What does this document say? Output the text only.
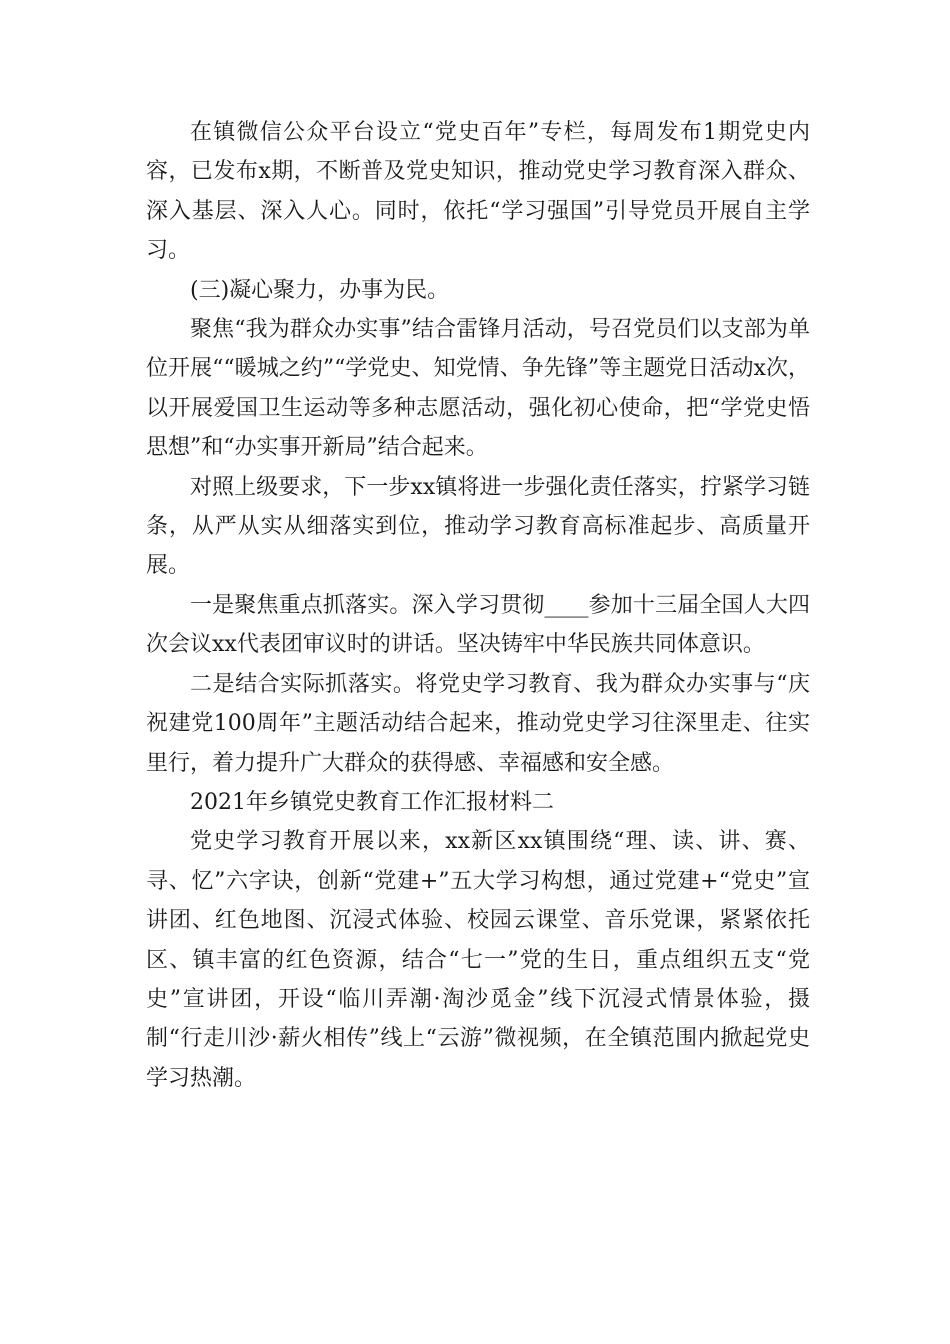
在镇微信公众平台设立“党史百年”专栏，每周发布1期党史内容，已发布x期，不断普及党史知识，推动党史学习教育深入群众、深入基层、深入人心。同时，依托“学习强国”引导党员开展自主学习。

(三)凝心聚力，办事为民。

聚焦“我为群众办实事”结合雷锋月活动，号召党员们以支部为单位开展““暖城之约”“学党史、知党情、争先锋”等主题党日活动x次，以开展爱国卫生运动等多种志愿活动，强化初心使命，把“学党史悟思想”和“办实事开新局”结合起来。

对照上级要求，下一步xx镇将进一步强化责任落实，拧紧学习链条，从严从实从细落实到位，推动学习教育高标准起步、高质量开展。

一是聚焦重点抓落实。深入学习贯彻____参加十三届全国人大四次会议xx代表团审议时的讲话。坚决铸牢中华民族共同体意识。

二是结合实际抓落实。将党史学习教育、我为群众办实事与“庆祝建党100周年”主题活动结合起来，推动党史学习往深里走、往实里行，着力提升广大群众的获得感、幸福感和安全感。

2021年乡镇党史教育工作汇报材料二

党史学习教育开展以来，xx新区xx镇围绕“理、读、讲、赛、寻、忆”六字诀，创新“党建+”五大学习构想，通过党建+“党史”宣讲团、红色地图、沉浸式体验、校园云课堂、音乐党课，紧紧依托区、镇丰富的红色资源，结合“七一”党的生日，重点组织五支“党史”宣讲团，开设“临川弄潮·淘沙觅金”线下沉浸式情景体验，摄制“行走川沙·薪火相传”线上“云游”微视频，在全镇范围内掀起党史学习热潮。
